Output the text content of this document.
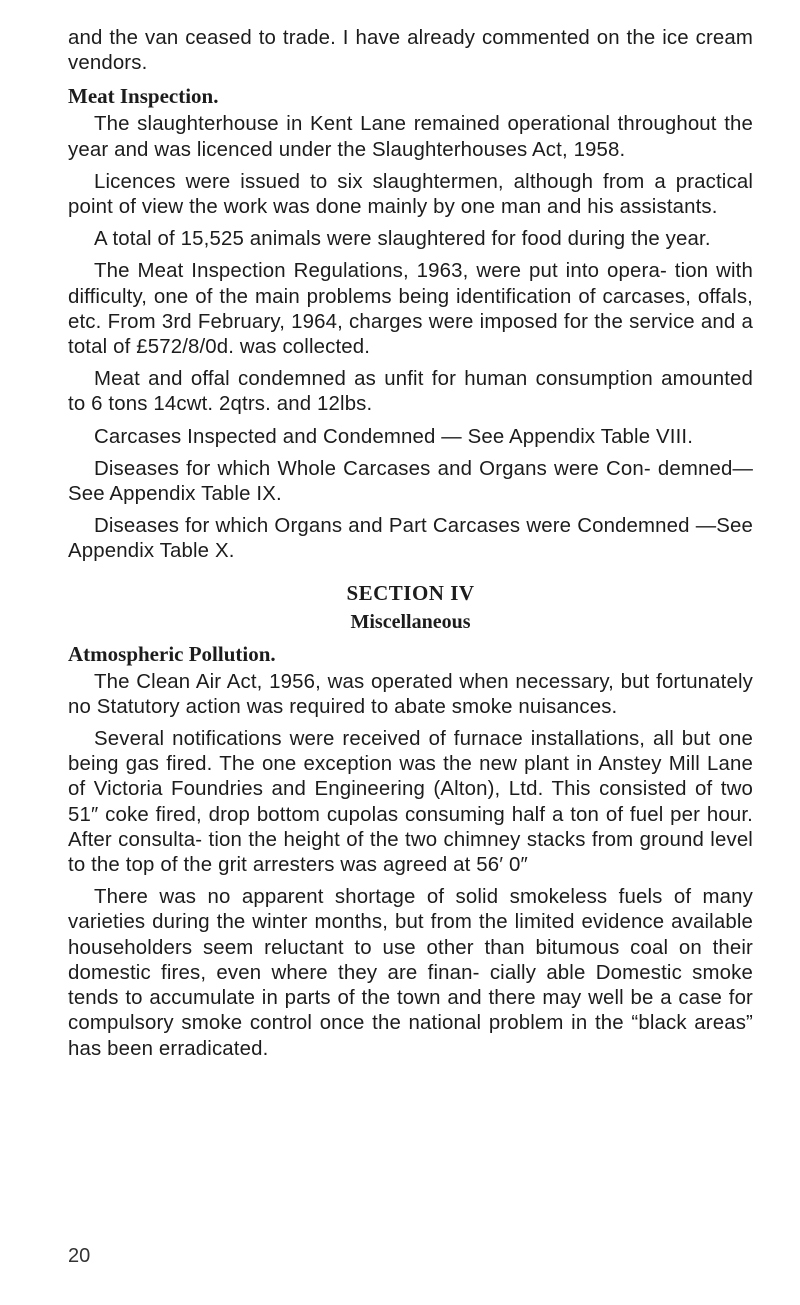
and the van ceased to trade. I have already commented on the ice cream vendors.

Meat Inspection.

The slaughterhouse in Kent Lane remained operational throughout the year and was licenced under the Slaughterhouses Act, 1958.

Licences were issued to six slaughtermen, although from a practical point of view the work was done mainly by one man and his assistants.

A total of 15,525 animals were slaughtered for food during the year.

The Meat Inspection Regulations, 1963, were put into opera- tion with difficulty, one of the main problems being identification of carcases, offals, etc. From 3rd February, 1964, charges were imposed for the service and a total of £572/8/0d. was collected.

Meat and offal condemned as unfit for human consumption amounted to 6 tons 14cwt. 2qtrs. and 12lbs.

Carcases Inspected and Condemned — See Appendix Table VIII.

Diseases for which Whole Carcases and Organs were Con- demned—See Appendix Table IX.

Diseases for which Organs and Part Carcases were Condemned —See Appendix Table X.

SECTION IV
Miscellaneous
Atmospheric Pollution.

The Clean Air Act, 1956, was operated when necessary, but fortunately no Statutory action was required to abate smoke nuisances.

Several notifications were received of furnace installations, all but one being gas fired. The one exception was the new plant in Anstey Mill Lane of Victoria Foundries and Engineering (Alton), Ltd. This consisted of two 51″ coke fired, drop bottom cupolas consuming half a ton of fuel per hour. After consulta- tion the height of the two chimney stacks from ground level to the top of the grit arresters was agreed at 56′ 0″

There was no apparent shortage of solid smokeless fuels of many varieties during the winter months, but from the limited evidence available householders seem reluctant to use other than bitumous coal on their domestic fires, even where they are finan- cially able Domestic smoke tends to accumulate in parts of the town and there may well be a case for compulsory smoke control once the national problem in the “black areas” has been erradicated.

20
